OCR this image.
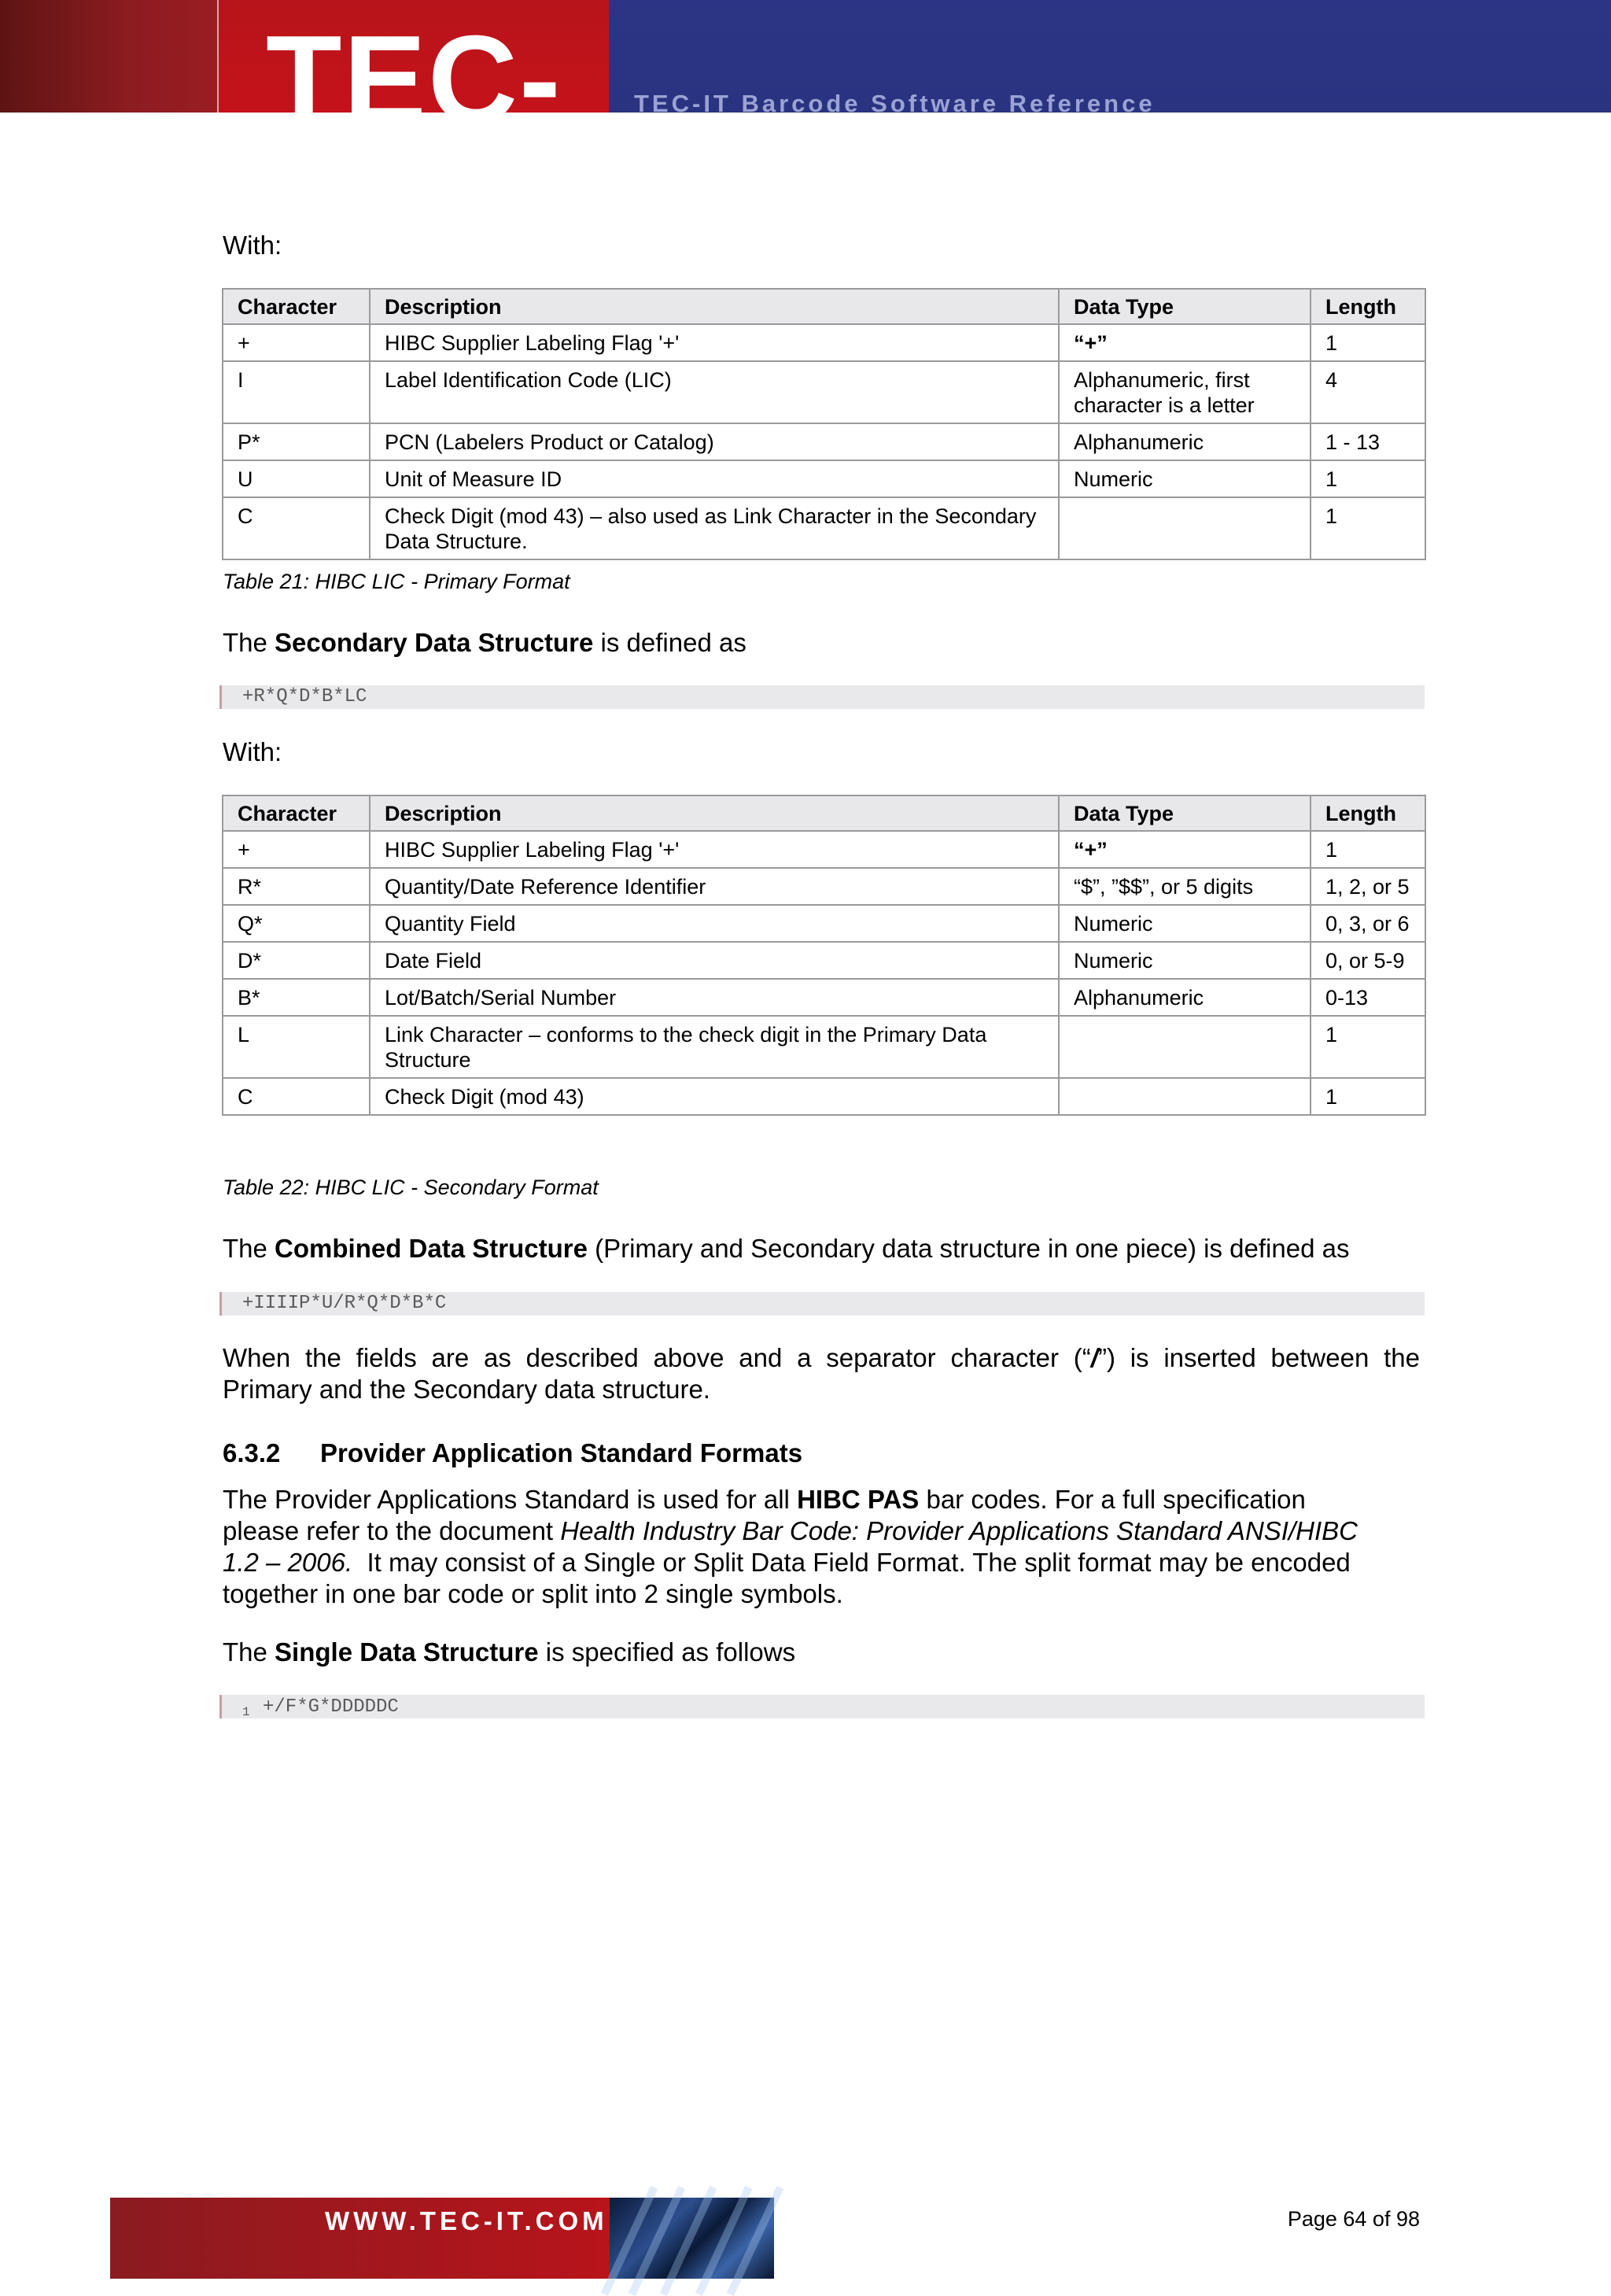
TEC-IT
TEC-IT Barcode Software Reference
With:
Character	Description	Data Type	Length
+	HIBC Supplier Labeling Flag '+'	“+”	1
I	Label Identification Code (LIC)	Alphanumeric, first character is a letter	4
P*	PCN (Labelers Product or Catalog)	Alphanumeric	1 - 13
U	Unit of Measure ID	Numeric	1
C	Check Digit (mod 43) – also used as Link Character in the Secondary Data Structure.		1
Table 21: HIBC LIC - Primary Format
The Secondary Data Structure is defined as
+R*Q*D*B*LC
With:
Character	Description	Data Type	Length
+	HIBC Supplier Labeling Flag '+'	“+”	1
R*	Quantity/Date Reference Identifier	“$”, ”$$”, or 5 digits	1, 2, or 5
Q*	Quantity Field	Numeric	0, 3, or 6
D*	Date Field	Numeric	0, or 5-9
B*	Lot/Batch/Serial Number	Alphanumeric	0-13
L	Link Character – conforms to the check digit in the Primary Data Structure		1
C	Check Digit (mod 43)		1
Table 22: HIBC LIC - Secondary Format
The Combined Data Structure (Primary and Secondary data structure in one piece) is defined as
+IIIIP*U/R*Q*D*B*C
When the fields are as described above and a separator character (“/”) is inserted between the
Primary and the Secondary data structure.
6.3.2 Provider Application Standard Formats
The Provider Applications Standard is used for all HIBC PAS bar codes. For a full specification
please refer to the document Health Industry Bar Code: Provider Applications Standard ANSI/HIBC
1.2 – 2006.  It may consist of a Single or Split Data Field Format. The split format may be encoded
together in one bar code or split into 2 single symbols.
The Single Data Structure is specified as follows
+/F*G*DDDDDC
$_1$
WWW.TEC-IT.COM	Page 64 of 98
